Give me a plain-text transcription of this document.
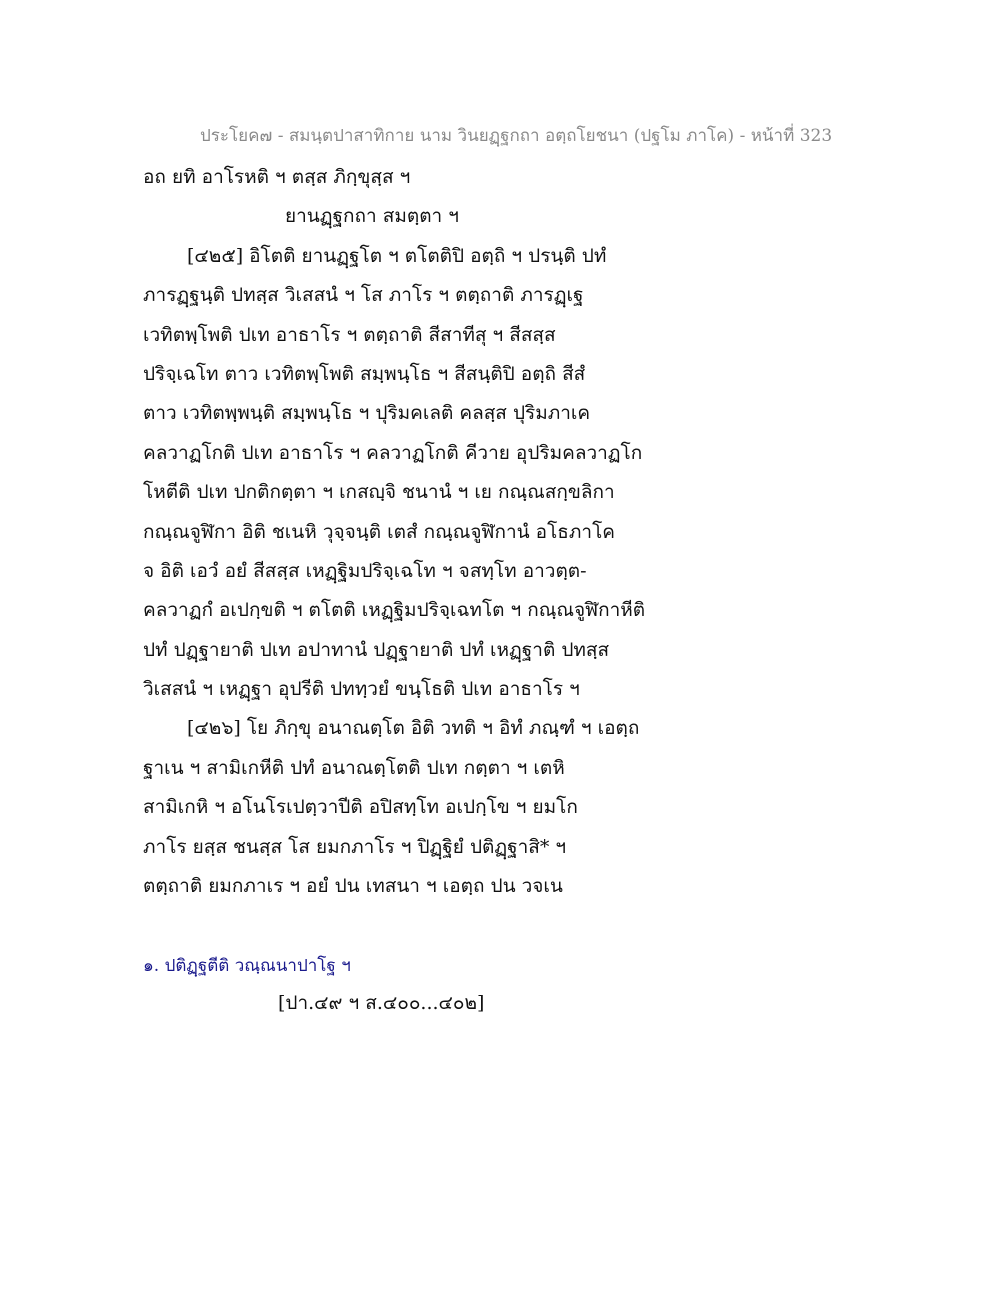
ประโยค๗ - สมนฺตปาสาทิกาย นาม วินยฏฺฐกถา อตฺถโยชนา (ปฐโม ภาโค) - หน้าที่ 323
อถ ยทิ อาโรหติ ฯ ตสฺส ภิกฺขุสฺส ฯ
ยานฏฺฐกถา สมตฺตา ฯ
[๔๒๕] อิโตติ ยานฏฺฐโต ฯ ตโตติปิ อตฺถิ ฯ ปรนฺติ ปทํ
ภารฏฺฐนฺติ ปทสฺส วิเสสนํ ฯ โส ภาโร ฯ ตตฺถาติ ภารฏฺเฐ
เวทิตพฺโพติ ปเท อาธาโร ฯ ตตฺถาติ สีสาทีสุ ฯ สีสสฺส
ปริจฺเฉโท ตาว เวทิตพฺโพติ สมฺพนฺโธ ฯ สีสนฺติปิ อตฺถิ สีสํ
ตาว เวทิตพฺพนฺติ สมฺพนฺโธ ฯ ปุริมคเลติ คลสฺส ปุริมภาเค
คลวาฏโกติ ปเท อาธาโร ฯ คลวาฏโกติ คีวาย อุปริมคลวาฏโก
โหตีติ ปเท ปกติกตฺตา ฯ เกสญฺจิ ชนานํ ฯ เย กณฺณสกฺขลิกา
กณฺณจูฬิกา อิติ ชเนหิ วุจฺจนฺติ เตสํ กณฺณจูฬิกานํ อโธภาโค
จ อิติ เอวํ อยํ สีสสฺส เหฏฺฐิมปริจฺเฉโท ฯ จสทฺโท อาวตฺต-
คลวาฏกํ อเปกฺขติ ฯ ตโตติ เหฏฺฐิมปริจฺเฉทโต ฯ กณฺณจูฬิกาหีติ
ปทํ ปฏฺฐายาติ ปเท อปาทานํ ปฏฺฐายาติ ปทํ เหฏฺฐาติ ปทสฺส
วิเสสนํ ฯ เหฏฺฐา อุปรีติ ปททฺวยํ ขนฺโธติ ปเท อาธาโร ฯ
[๔๒๖] โย ภิกฺขุ อนาณตฺโต อิติ วทติ ฯ อิทํ ภณฺฑํ ฯ เอตฺถ
ฐาเน ฯ สามิเกหีติ ปทํ อนาณตฺโตติ ปเท กตฺตา ฯ เตหิ
สามิเกหิ ฯ อโนโรเปตฺวาปีติ อปิสทฺโท อเปกฺโข ฯ ยมโก
ภาโร ยสฺส ชนสฺส โส ยมกภาโร ฯ ปิฏฺฐิยํ ปติฏฺฐาสิ* ฯ
ตตฺถาติ ยมกภาเร ฯ อยํ ปน เทสนา ฯ เอตฺถ ปน วจเน
๑. ปติฏฺฐตีติ วณฺณนาปาโฐ ฯ
[ปา.๔๙ ฯ ส.๔๐๐...๔๐๒]
